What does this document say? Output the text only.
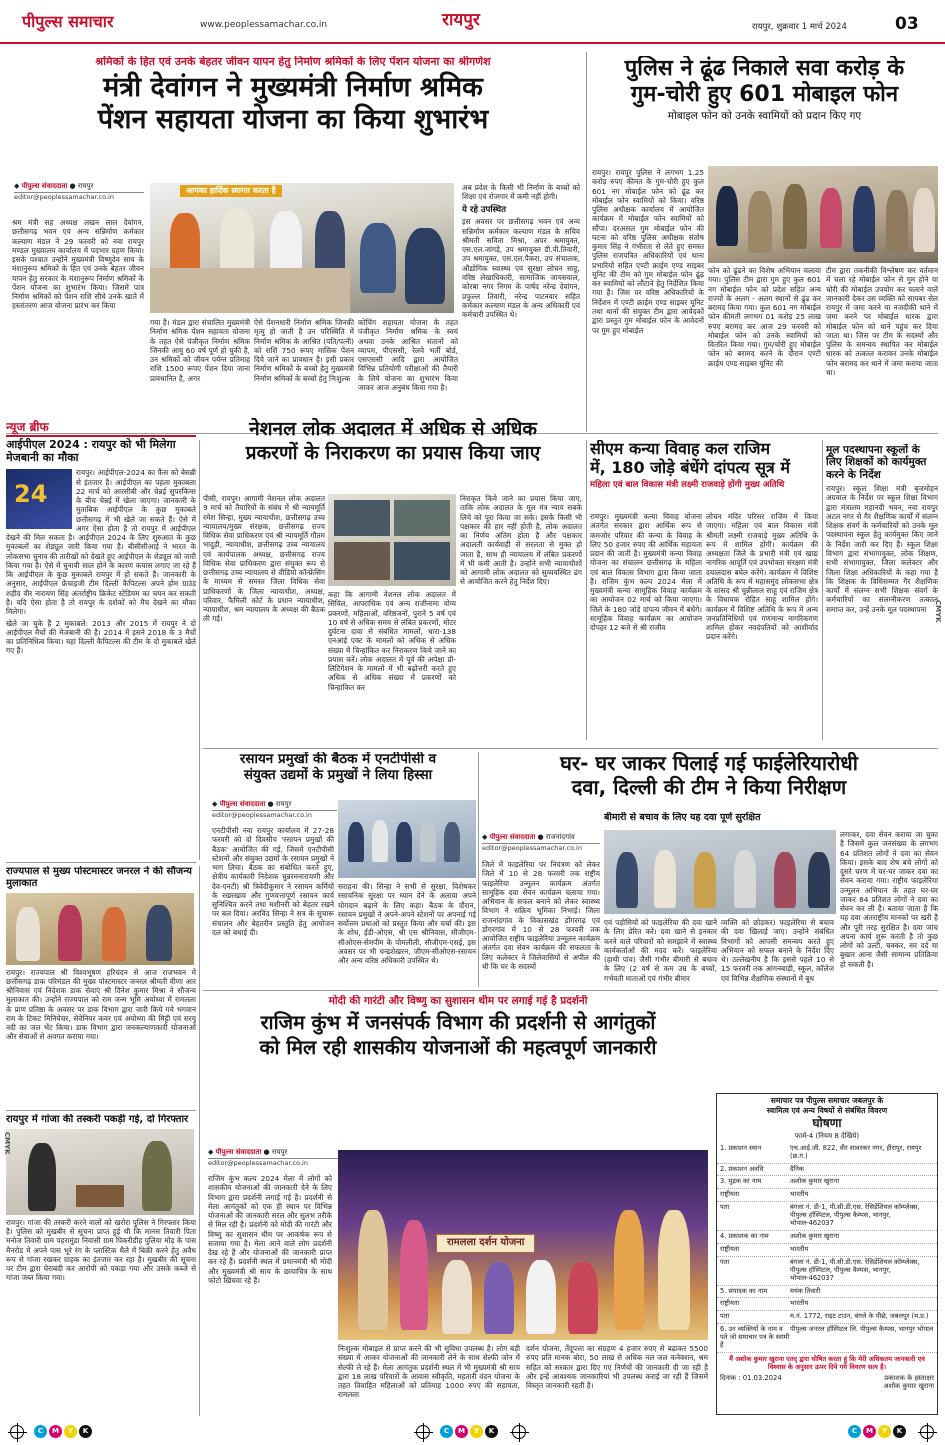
पीपुल्स समाचार	www.peoplessamachar.co.in	रायपुर	रायपुर, शुक्रवार 1 मार्च 2024	03
श्रमिकों के हित एवं उनके बेहतर जीवन यापन हेतु निर्माण श्रमिकों के लिए पेंशन योजना का श्रीगणेश
मंत्री देवांगन ने मुख्यमंत्री निर्माण श्रमिक
पेंशन सहायता योजना का किया शुभारंभ
◆ पीपुल्स संवाददाता ● रायपुर
editor@peoplessamachar.co.in
श्रम मंत्री सह अध्यक्ष लखन लाल देवांगन, छत्तीसगढ़ भवन एवं अन्य सन्निर्माण कर्मकार कल्याण मंडल ने 29 फरवरी को नवा रायपुर मण्डल मुख्यालय कार्यालय में पदभार ग्रहण किया। इसके पश्चात उन्होंने मुख्यमंत्री विष्णुदेव साय के मंशानुरूप श्रमिकों के हित एवं उनके बेहतर जीवन यापन हेतु सरकार के मंशानुरूप निर्माण श्रमिकों के पेंशन योजना का शुभारंभ किया। जिसमें पात्र निर्माण श्रमिकों को पेंशन राशि सीधे उनके खाते में हस्तांतरण आज योजना प्रारंभ कर किया
आपका हार्दिक स्वागत करता है
गया है। मंडल द्वारा संचालित मुख्यमंत्री निर्माण श्रमिक पेंशन सहायता योजना के तहत ऐसे पंजीकृत निर्माण श्रमिक जिनकी आयु 60 वर्ष पूर्ण हो चुकी है, उन श्रमिकों को जीवन पर्यन्त प्रतिमाह राशि 1500 रूपए पेंशन दिया जाना प्रावधानित है, अगर
ऐसे पेंशनधारी निर्माण श्रमिक जिनकी मृत्यु हो जाती है उन परिस्थिति में निर्माण श्रमिक के आश्रित (पति/पत्नी) को राशि 750 रूपए मासिक पेंशन दिये जाने का प्रावधान है। इसी प्रकार निर्माण श्रमिकों के बच्चो हेतु मुख्यमंत्री निर्माण श्रमिकों के बच्चों हेतु निःशुल्क
कोचिंग सहायता योजना के तहत पंजीकृत निर्माण श्रमिक के स्वयं अथवा उनके आश्रित संतानों को व्यापम, पीएससी, रेलवे भर्ती बोर्ड, एसएससी आदि द्वारा आयोजित विभिन्न प्रतियोगी परीक्षाओं की तैयारी के लिये योजना का शुभारंभ किया जाकर आज अनुबंध किया गया है।
अब प्रदेश के किसी भी निर्माण के बच्चों को शिक्षा एवं रोजगार में कमी नहीं होगी।
ये रहे उपस्थित
इस अवसर पर छत्तीसगढ़ भवन एवं अन्य सन्निर्माण कर्मकार कल्याण मंडल के सचिव श्रीमती सविता मिश्रा, अपर श्रमायुक्त, एस.एल.जांगड़े, उप श्रमायुक्त डी.पी.तिवारी, उप श्रमायुक्त, एस.एल.पैकरा, उप संचालक, औद्योगिक स्वास्थ्य एवं सुरक्षा लोचन साहू, वरिष्ठ लेखाधिकारी, सामाजिक जायसवाल, कोरबा नगर निगम के पार्षद नरेन्द्र देवांगन, प्रफुल्ल तिवारी, नरेन्द्र पाटनवार सहित कर्मकार कल्याण मंडल के अन्य अधिकारी एवं कर्मचारी उपस्थित थे।
पुलिस ने ढूंढ निकाले सवा करोड़ के
गुम-चोरी हुए 601 मोबाइल फोन
मोबाइल फोन को उनके स्वामियों को प्रदान किए गए
रायपुर। रायपुर पुलिस ने लगभग 1.25 करोड़ रुपए कीमत के गुम-चोरी हुए कुल 601 नग मोबाईल फोन को ढूंढ कर मोबाईल फोन स्वामियों को किया। वरिष्ठ पुलिस अधीक्षक कार्यालय में आयोजित कार्यक्रम में मोबाईल फोन स्वामियों को सौंपा। दरअसल गुम मोबाईल फोन की घटना को वरिष्ठ पुलिस अधीक्षक संतोष कुमार सिंह ने गंभीरता से लेते हुए समस्त पुलिस राजपत्रित अधिकारियों एवं थाना प्रभारियों सहित एण्टी क्राईम एण्ड साइबर यूनिट की टीम को गुम मोबाईल फोन ढूंढ़ कर स्वामियों को लौटाने हेतु निर्देशित किया गया है। जिस पर वरिष्ठ अधिकारियों के निर्देशन में एण्टी क्राईम एण्ड साइबर यूनिट तथा थानों की संयुक्त टीम द्वारा आवेदकों द्वारा प्रस्तुत गुम मोबाईल फोन के आवेदनों पर गुम हुए मोबाईल
फोन को ढूंढने का विशेष अभियान चलाया गया। पुलिस टीम द्वारा गुम हुए कुल 601 नग मोबाईल फोन को प्रदेश सहित अन्य राज्यों के अलग - अलग स्थानों से ढूंढ कर बरामद किया गया। कुल 601 नग मोबाईल फोन कीमती लगभग 01 करोड़ 25 लाख रुपए बरामद कर आज 29 फरवरी को मोबाईल फोन को उनके स्वामियों को वितरित किया गया। गुम/चोरी हुए मोबाईल फोन को बरामद करने के दौरान एण्टी क्राईम एण्ड साइबर यूनिट की
टीम द्वारा तकनीकी विश्लेषण कर वर्तमान में चला रहे मोबाईल फोन से गुम होने या चोरी की मोबाईल उपयोग कर चलाने वाले जानकारी देकर उस व्यक्ति को सायबर सेल रायपुर में जमा करने या नजदीकी थाने में जमा करने पर मोबाईल धारक द्वारा मोबाईल फोन को थाने पहुंच कर दिया जाता था। जिस पर टीम के सदस्यों और पुलिस के समन्वय स्थापित कर मोबाईल धारक को तत्काल कराकर उनके मोबाईल फोन बरामद कर थाने में जमा कराया जाता था।
न्यूज ब्रीफ
आईपीएल 2024 : रायपुर को भी मिलेगा मेजबानी का मौका
24
रायपुर। आईपीएल-2024 का फैंस को बेसब्री से इंतजार है। आईपीएल का पहला मुकाबला 22 मार्च को आरसीबी और चेन्नई सुपरकिंग्स के बीच चेन्नई में खेला जाएगा। जानकारी के मुताबिक आईपीएल के कुछ मुकाबले छत्तीसगढ़ में भी खेले जा सकते हैं। ऐसे में अगर ऐसा होता है तो रायपुर में आईपीएल देखने की मिल सकता है। आईपीएल 2024 के लिए शुरुआत के कुछ मुकाबलों का शेड्यूल जारी किया गया है। बीसीसीआई ने भारत के लोकसभा चुनाव की तारीखों को देखते हुए आईपीएल के शेड्यूल को जारी किया गया है। ऐसे में चुनावी साल होने के कारण कयास लगाए जा रहे हैं कि आईपीएल के कुछ मुकाबले रायपुर में हो सकते हैं। जानकारी के अनुसार, आईपीएल फ्रेंचाइजी टीम दिल्ली कैपिटल्स अपने होम ग्राउंड शहीद वीर नारायण सिंह अंतर्राष्ट्रीय क्रिकेट स्टेडियम का चयन कर सकती है। यदि ऐसा होता है तो रायपुर के दर्शकों को मैच देखने का मौका मिलेगा।
खेले जा चुके हैं 2 मुकाबले: 2013 और 2015 में रायपुर ने दो आईपीएल मैचों की मेजबानी की है। 2014 में इसने 2018 के 3 मैचों का प्रतिनिधित्व किया। यहां दिल्ली कैपिटल्स की टीम के दो मुकाबले खेले गए हैं।
नेशनल लोक अदालत में अधिक से अधिक
प्रकरणों के निराकरण का प्रयास किया जाए
पीसी, रायपुर। आगामी नेशनल लोक अदालत 9 मार्च को तैयारियों के संबंध में श्री न्यायमूर्ति रमेश सिन्हा, मुख्य न्यायाधीश, छत्तीसगढ़ उच्च न्यायालय/मुख्य संरक्षक, छत्तीसगढ़ राज्य विधिक सेवा प्राधिकरण एवं श्री न्यायमूर्ति गौतम भादुड़ी, न्यायाधीश, छत्तीसगढ़ उच्च न्यायालय एवं कार्यपालक अध्यक्ष, छत्तीसगढ़ राज्य विधिक सेवा प्राधिकरण द्वारा संयुक्त रूप से छत्तीसगढ़ उच्च न्यायालय से वीडियो कॉन्फ्रेंसिंग के माध्यम से समस्त जिला विधिक सेवा प्राधिकरणों के जिला न्यायाधीश, अध्यक्ष, परिवार, फैमिली कोर्ट के प्रधान न्यायाधीश, न्यायाधीश, श्रम न्यायालय के अध्यक्ष की बैठक ली गई।
कहा कि आगामी नेशनल लोक अदालत में सिविल, आपराधिक एवं अन्य राजीनामा योग्य प्रकरणों, महिलाओं, वरिष्ठजनों, पुराने 5 वर्ष एवं 10 वर्ष से अधिक समय से लंबित प्रकरणों, मोटर दुर्घटना दावा से संबंधित मामलों, धारा-138 एनआई एक्ट के मामलों को अधिक से अधिक संख्या में चिन्हांकित कर निराकरण किये जाने का प्रयास करें। लोक अदालत में पूर्व की अपेक्षा प्री-लिटिगेशन के मामलों में भी बढ़ोत्तरी करते हुए अधिक से अधिक संख्या में प्रकरणों को चिन्हांकित कर
निराकृत किये जाने का प्रयास किया जाए, ताकि लोक अदालत के मूल मंत्र न्याय सबके लिये को पूरा किया जा सके। इसके किसी भी पक्षकार की हार नहीं होती है, लोक अदालत का निर्णय अंतिम होता है और पक्षकार अदालती कार्यवाही से सरलता से मुक्त हो जाता है, साथ ही न्यायालय में लंबित प्रकरणों में भी कमी आती है। उन्होंने सभी न्यायाधीशों को आगामी लोक अदालत को सुव्यवस्थित ढंग से आयोजित करने हेतु निर्देश दिए।
सीएम कन्या विवाह कल राजिम
में, 180 जोड़े बंधेंगे दांपत्य सूत्र में
महिला एवं बाल विकास मंत्री लक्ष्मी राजवाड़े होंगी मुख्य अतिथि
रायपुर। मुख्यमंत्री कन्या विवाह योजना अंतर्गत सरकार द्वारा आर्थिक रूप से कमजोर परिवार की कन्या के विवाह के लिए 50 हजार रुपए की आर्थिक सहायता प्रदान की जाती है। मुख्यमंत्री कन्या विवाह योजना का संचालन छत्तीसगढ़ के महिला एवं बाल विकास विभाग द्वारा किया जाता है। राजिम कुंभ कल्प 2024 मेला में मुख्यमंत्री कन्या सामूहिक विवाह कार्यक्रम का आयोजन 02 मार्च को किया जाएगा। जिले के 180 जोड़े दांपत्य जीवन में बंधेंगे। सामूहिक विवाह कार्यक्रम का आयोजन दोपहर 12 बजे से श्री राजीव
लोचन मंदिर परिसर राजिम में किया जाएगा। महिला एवं बाल विकास मंत्री श्रीमती लक्ष्मी राजवाड़े मुख्य अतिथि के रूप में शामिल होंगी। कार्यक्रम की अध्यक्षता जिले के प्रभारी मंत्री एवं खाद्य नागरिक आपूर्ति एवं उपभोक्ता संरक्षण मंत्री दयालदास बघेल करेंगे। कार्यक्रम में विशिष्ट अतिथि के रूप में महासमुंद लोकसभा क्षेत्र के सांसद श्री चुन्नीलाल साहू एवं राजिम क्षेत्र के विधायक रोहित साहू शामिल होंगे। कार्यक्रम में विशिष्ट अतिथि के रूप में अन्य जनप्रतिनिधियों एवं गणमान्य नागरिकगण शामिल होकर नवदंपतियों को आशीर्वाद प्रदान करेंगे।
मूल पदस्थापना स्कूलों के लिए शिक्षकों को कार्यमुक्त करने के निर्देश
रायपुर। स्कूल शिक्षा मंत्री बृजमोहन अग्रवाल के निर्देश पर स्कूल शिक्षा विभाग द्वारा मंत्रालय महानदी भवन, नवा रायपुर अटल नगर से गैर शैक्षणिक कार्यों में संलग्न शिक्षक संवर्ग के कर्मचारियों को उनके मूल पदस्थापना स्कूल हेतु कार्यमुक्त किए जाने के निर्देश जारी कर दिए हैं। स्कूल शिक्षा विभाग द्वारा संभागायुक्त, लोक शिक्षण, सभी संभागायुक्त, जिला कलेक्टर और जिला शिक्षा अधिकारियों के कहा गया है कि शिक्षक के विधिसम्मत गैर शैक्षणिक कार्यों में संलग्न सभी शिक्षक संवर्ग के कर्मचारियों का संलग्नीकरण तत्काल समाप्त कर, उन्हें उनके मूल पदस्थापना
रसायन प्रमुखों की बैठक में एनटीपीसी व
संयुक्त उद्यमों के प्रमुखों ने लिया हिस्सा
◆ पीपुल्स संवाददाता ● रायपुर
editor@peoplessamachar.co.in
एनटीपीसी नवा रायपुर कार्यालय में 27-28 फरवरी को दो दिवसीय 'रसायन प्रमुखों की बैठक' आयोजित की गई, जिसमें एनटीपीसी स्टेशनों और संयुक्त उद्यमों के रसायन प्रमुखों ने भाग लिया। बैठक का संबोधित करते हुए, क्षेत्रीय कार्यकारी निदेशक चुन्नरमनारायणी और देव-एनटी) श्री त्रिवेदीकुमार ने रसायन कर्मियों के रखरखाव और गुणवत्तापूर्ण रसायन कार्य सुनिश्चित करने तथा मशीनरी को बेहतर रखने पर बल दिया। अरविंद सिन्हा ने सत्र के सुचारू संचालन और बेहतरीन प्रस्तुति हेतु आयोजन दल को बधाई दी।
सराहना की। सिन्हा ने सभी से सुरक्षा, विशेषकर रसायनिक सुरक्षा पर ध्यान देने के अलावा अपने योगदान बढ़ाने के लिए कहा। बैठक के दौरान, रसायन प्रमुखों ने अपने-अपने स्टेशनों पर अपनाई गई सर्वोत्तम प्रथाओं को प्रस्तुत किया और चर्चा की। इस के शोध, ईडी-ओएस, श्री एस श्रीनिवास, सीजीएम-सीओएस-सेमपीम के पोमलीली, सीजीएम-एसई, इस अवसर पर भी चन्द्रशेखरन, जीएम-सीओएस-रसायन और अन्य वरिष्ठ अधिकारी उपस्थित थे।
घर- घर जाकर पिलाई गई फाईलेरियारोधी
दवा, दिल्ली की टीम ने किया निरीक्षण
◆ पीपुल्स संवाददाता ● राजनांदगांव
editor@peoplessamachar.co.in
बीमारी से बचाव के लिए यह दवा पूर्ण सुरक्षित
जिले में फाइलेरिया पर नियंत्रण को लेकर जिले में 10 से 28 फरवरी तक राष्ट्रीय फाइलेरिया उन्मूलन कार्यक्रम अंतर्गत सामूहिक दवा सेवन कार्यक्रम चलाया गया। अभियान के सफल बनाने को लेकर स्वास्थ्य विभाग ने सक्रिय भूमिका निभाई। जिला राजनांदगांव के विकासखंड डोंगरगढ़ एवं डोंगरगांव में 10 से 28 फरवरी तक आयोजित राष्ट्रीय फाइलेरिया उन्मूलन कार्यक्रम अंतर्गत दवा सेवन कार्यक्रम की सफलता के लिए कलेक्टर ने जिलेवासियों से अपील की थी कि घर के सदस्यों
एवं पड़ोसियों को फाइलेरिया की दवा खाने के लिए प्रेरित करें। दवा खाने से इनकार करने वाले परिवारों को समझाने में स्वास्थ्य कार्यकर्ताओं की मदद करें। फाइलेरिया (हाथी पांव) जैसी गंभीर बीमारी से बचाव के लिए (2 वर्ष से कम उम्र के बच्चों, गर्भवती माताओं एवं गंभीर बीमार
व्यक्ति को छोड़कर) फाइलेरिया से बचाव की दवा खिलाई जाए। उन्होंने संबंधित विभागों को आपसी समन्वय करते हुए अभियान को सफल बनाने के निर्देश दिए थे। उल्लेखनीय है कि इससे पहले 10 से 15 फरवरी तक आंगनबाड़ी, स्कूल, कॉलेज एवं विभिन्न शैक्षणिक संस्थानों में बूथ
लगाकर, दवा सेवन कराया जा चुका है जिसमें कुल जनसंख्या के लगभग 64 प्रतिशत लोगों ने दवा का सेवन किया। इसके बाद शेष बचे लोगों को दूसरे चरण में घर-घर जाकर दवा का सेवन कराया गया। राष्ट्रीय फाइलेरिया उन्मूलन अभियान के तहत घर-घर जाकर 84 प्रतिशत लोगों ने दवा का सेवन कर ली है। बताया जाता है कि यह दवा अंतराष्ट्रीय मानकों पर खरी है और पूरी तरह सुरक्षित है। दवा जांच अपना कार्य शुरू करती है तो कुछ लोगों को उल्टी, चक्कर, सर दर्द या बुखार आना जैसी सामान्य प्रतिक्रिया हो सकती है।
राज्यपाल से मुख्य पोस्टमास्टर जनरल ने की सौजन्य मुलाकात
रायपुर। राज्यपाल श्री विश्वभूषण हरिचंदन से आज राजभवन में छत्तीसगढ़ डाक परिमंडल की मुख्य पोस्टमास्टर जनरल श्रीमती वीणा आर श्रीनिवास एवं निदेशक डाक सेवाएं श्री दिनेश कुमार मिश्रा ने सौजन्य मुलाकात की। उन्होंने राज्यपाल को राम जन्म भूमि अयोध्या में रामलला के प्राण प्रतिष्ठा के अवसर पर डाक विभाग द्वारा जारी किये गये भगवान राम के टिकट मिनियेचर, सेवेनियर कवर एवं अयोध्या की मिट्टी एवं सरयू नदी का जल भेंट किया। डाक विभाग द्वारा जनकल्याणकारी योजनाओं और सेवाओं से अवगत कराया गया।
रायपुर में गांजा की तस्करी पकड़ी गई, दो गिरफ्तार
रायपुर। गांजा की तस्करी करने वालों को खरोरा पुलिस ने गिरफ्तार किया है। पुलिस को मुखबीर से सूचना प्राप्त हुई थी कि मानस तिवारी पिता मनोज तिवारी ग्राम पहरामुंडा निवासी ग्राम पिकरीडीह पुलिया मोड़ के पास मैनरोड में अपने पास भूरे रंग के प्लास्टिक थैले में बिक्री करने हेतु अवैध रूप से गांजा रखकर ग्राहक का इंतजार कर रहा है। मुखबीर की सूचना पर टीम द्वारा घेराबंदी कर आरोपी को पकड़ा गया और उसके कब्जे से गांजा जब्त किया गया।
मोदी की गारंटी और विष्णु का सुशासन थीम पर लगाई गई है प्रदर्शनी
राजिम कुंभ में जनसंपर्क विभाग की प्रदर्शनी से आगंतुकों
को मिल रही शासकीय योजनाओं की महत्वपूर्ण जानकारी
◆ पीपुल्स संवाददाता ● रायपुर
editor@peoplessamachar.co.in
राजिम कुंभ कल्प 2024 मेला में लोगों को शासकीय योजनाओं की जानकारी देने के लिए विभाग द्वारा प्रदर्शनी लगाई गई है। प्रदर्शनी से मेला आगंतुकों को एक ही स्थान पर विभिन्न योजनाओं की जानकारी सरल और सुलभ तरीके से मिल रही है। प्रदर्शनी को मोदी की गारंटी और विष्णु का सुशासन थीम पर आकर्षक रूप से सजाया गया है। मेला आने वाले लोग प्रदर्शनी देख रहे हैं और योजनाओं की जानकारी प्राप्त कर रहे हैं। प्रदर्शनी स्थल में प्रधानमंत्री श्री मोदी और मुख्यमंत्री श्री साय के छायाचित्र के साथ फोटो खिंचवा रहे हैं।
रामलला दर्शन योजना
निःशुल्क मोबाइल से प्राप्त करने की भी सुविधा उपलब्ध है। लोग बड़ी संख्या में आकर योजनाओं की जानकारी लेने के साथ सेल्फी जोन में सेल्फी ले रहे हैं। मेला आगंतुक प्रदर्शनी स्थल में भी मुख्यमंत्री श्री साय द्वारा 18 लाख परिवारों के आवास स्वीकृति, महतारी वंदन योजना के तहत विवाहित महिलाओं को प्रतिमाह 1000 रुपए की सहायता, रामलला
दर्शन योजना, तेंदूपत्ता का संग्रहण 4 हजार रुपए से बढ़ाकर 5500 रुपए प्रति मानक बोरा, 50 लाख से अधिक नल जल कनेक्शन, श्रम सहित को सरकार द्वारा दिए गए निर्णयों की जानकारी दी जा रही है और इन्हें आवश्यक जानकारियां भी उपलब्ध कराई जा रही हैं जिसमें विस्तृत जानकारी रहती है।
समाचार पत्र पीपुल्स समाचार जबलपुर के
स्वामित्व एवं अन्य विषयों से संबंधित विवरण
घोषणा
फार्म-4 (नियम 8 देखिये)
1. प्रकाशन स्थान	एच.आई.जी. 822, वीर सावरकर नगर, हीरापुर, रायपुर (छ.ग.)
2. प्रकाशन अवधि	दैनिक
3. मुद्रक का नाम	अशोक कुमार खुराना
राष्ट्रीयता	भारतीय
पता	बंगला नं. डी-1, पी.सी.डी.एस. रेसिडेंशियल कॉम्प्लेक्स, पीपुल्स हॉस्पिटल, पीपुल्स कैम्पस, भानपुर, भोपाल-462037
4. प्रकाशक का नाम	अशोक कुमार खुराना
राष्ट्रीयता	भारतीय
पता	बंगला नं. डी-1, पी.सी.डी.एस. रेसिडेंशियल कॉम्प्लेक्स, पीपुल्स हॉस्पिटल, पीपुल्स कैम्पस, भानपुर, भोपाल-462037
5. संपादक का नाम	मयंक तिवारी
राष्ट्रीयता	भारतीय
पता	म.नं. 1772, राइट टाउन, बंगले के पीछे, जबलपुर (म.प्र.)
6. उन व्यक्तियों के नाम व पते जो समाचार पत्र के स्वामी हैं
पीपुल्स जनरल हॉस्पिटल लि. पीपुल्स कैम्पस, भानपुर भोपाल
मैं अशोक कुमार खुराना एतद् द्वारा घोषित करता हूं कि मेरी अधिकतम जानकारी एवं विश्वास के अनुसार ऊपर दिये गये विवरण सत्य है।
दिनांक : 01.03.2024	प्रकाशक के हस्ताक्षर
अशोक कुमार खुराना
CMYK
CMYK
C	M	Y	K	C	M	Y	K	C	M	Y	K
